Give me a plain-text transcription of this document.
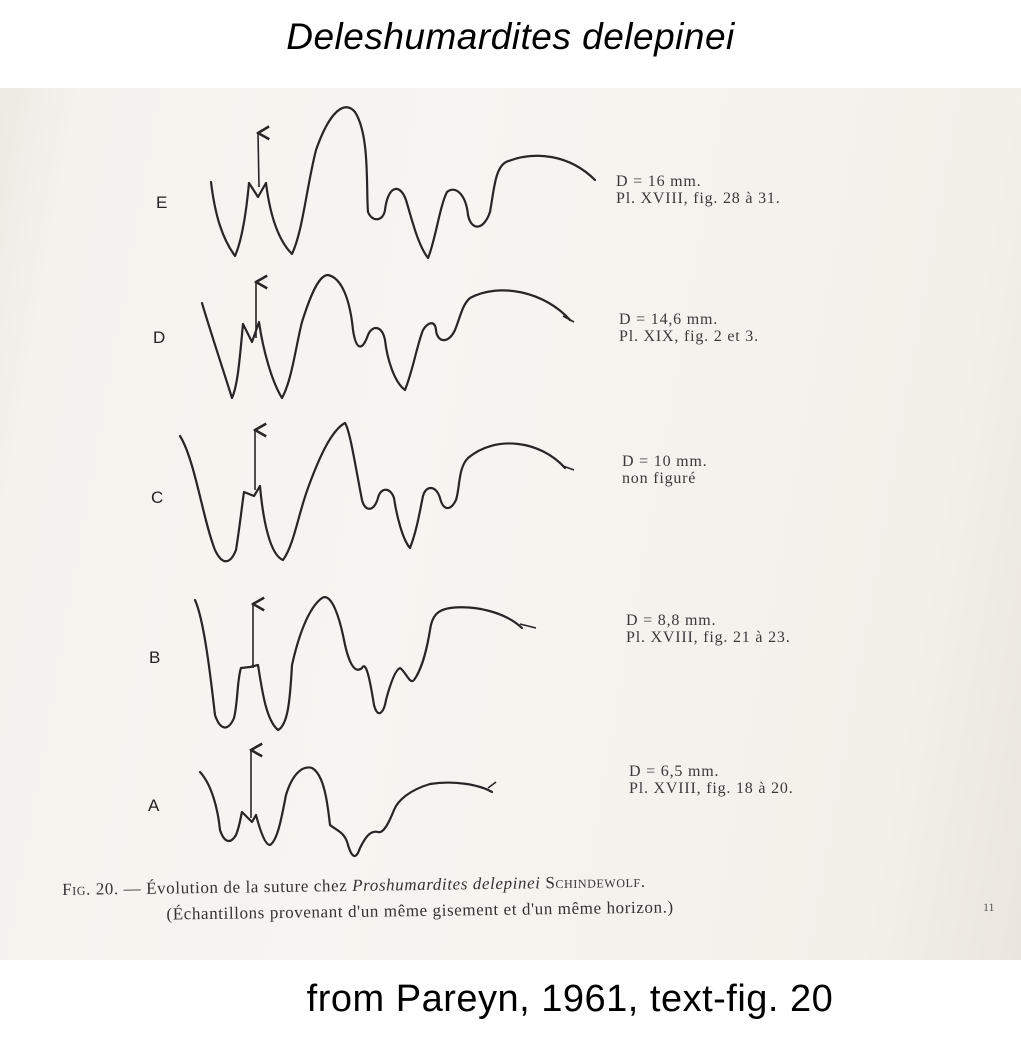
Deleshumardites delepinei
E
D
C
B
A
D = 16 mm.
Pl. XVIII, fig. 28 à 31.
D = 14,6 mm.
Pl. XIX, fig. 2 et 3.
D = 10 mm.
non figuré
D = 8,8 mm.
Pl. XVIII, fig. 21 à 23.
D = 6,5 mm.
Pl. XVIII, fig. 18 à 20.
Fig. 20. — Évolution de la suture chez Proshumardites delepinei Schindewolf.
(Échantillons provenant d'un même gisement et d'un même horizon.)	11
from Pareyn, 1961, text-fig. 20
